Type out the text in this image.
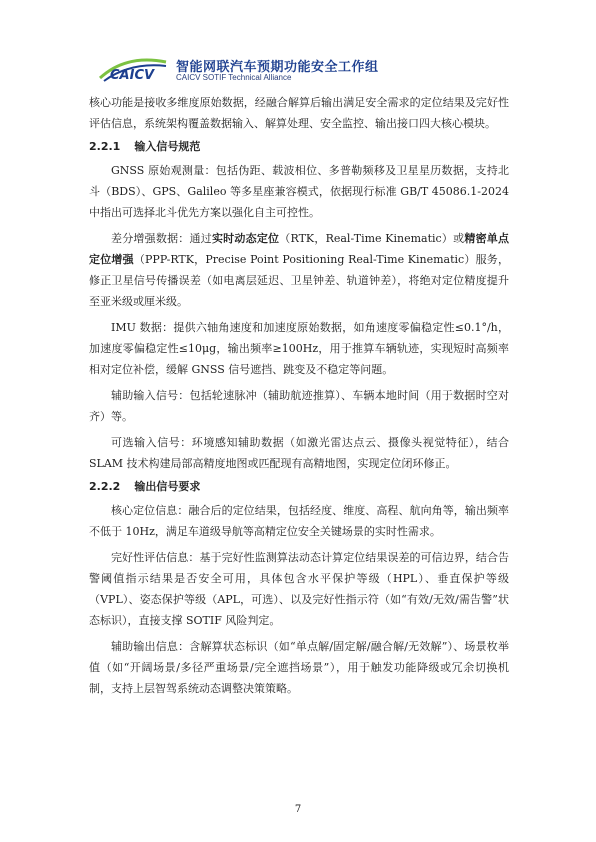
CAICV
智能网联汽车预期功能安全工作组
CAICV SOTIF Technical Alliance

核心功能是接收多维度原始数据，经融合解算后输出满足安全需求的定位结果及完好性评估信息，系统架构覆盖数据输入、解算处理、安全监控、输出接口四大核心模块。

2.2.1 输入信号规范

GNSS 原始观测量：包括伪距、载波相位、多普勒频移及卫星星历数据，支持北斗（BDS）、GPS、Galileo 等多星座兼容模式，依据现行标准 GB/T 45086.1-2024 中指出可选择北斗优先方案以强化自主可控性。

差分增强数据：通过实时动态定位（RTK，Real-Time Kinematic）或精密单点定位增强（PPP-RTK，Precise Point Positioning Real-Time Kinematic）服务，修正卫星信号传播误差（如电离层延迟、卫星钟差、轨道钟差），将绝对定位精度提升至亚米级或厘米级。

IMU 数据：提供六轴角速度和加速度原始数据，如角速度零偏稳定性≤0.1°/h，加速度零偏稳定性≤10μg，输出频率≥100Hz，用于推算车辆轨迹，实现短时高频率相对定位补偿，缓解 GNSS 信号遮挡、跳变及不稳定等问题。

辅助输入信号：包括轮速脉冲（辅助航迹推算）、车辆本地时间（用于数据时空对齐）等。

可选输入信号：环境感知辅助数据（如激光雷达点云、摄像头视觉特征），结合 SLAM 技术构建局部高精度地图或匹配现有高精地图，实现定位闭环修正。

2.2.2 输出信号要求

核心定位信息：融合后的定位结果，包括经度、维度、高程、航向角等，输出频率不低于 10Hz，满足车道级导航等高精定位安全关键场景的实时性需求。

完好性评估信息：基于完好性监测算法动态计算定位结果误差的可信边界，结合告警阈值指示结果是否安全可用，具体包含水平保护等级（HPL）、垂直保护等级（VPL）、姿态保护等级（APL，可选）、以及完好性指示符（如“有效/无效/需告警”状态标识），直接支撑 SOTIF 风险判定。

辅助输出信息：含解算状态标识（如“单点解/固定解/融合解/无效解”）、场景枚举值（如“开阔场景/多径严重场景/完全遮挡场景”），用于触发功能降级或冗余切换机制，支持上层智驾系统动态调整决策策略。

7
